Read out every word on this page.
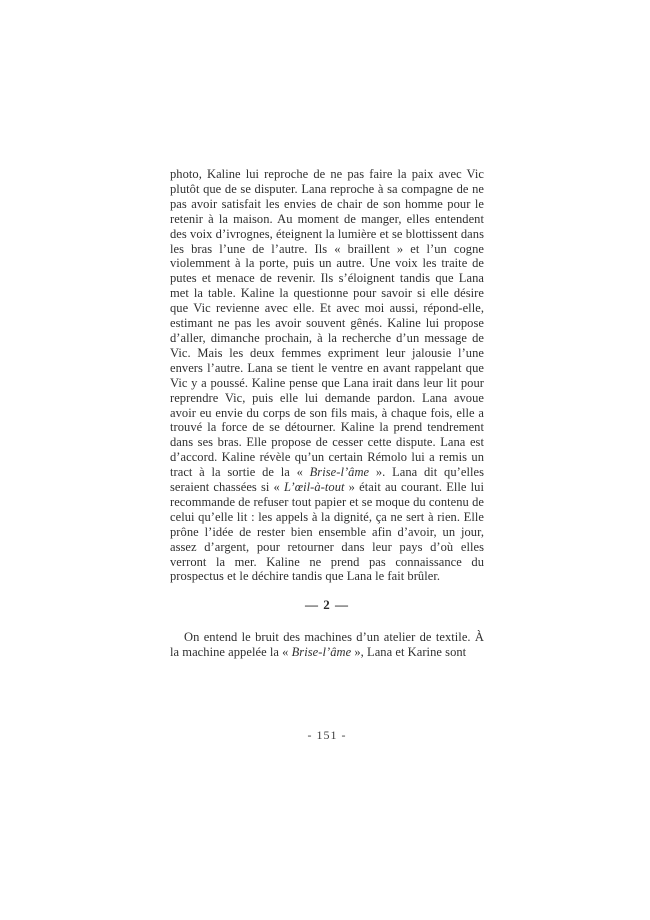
photo, Kaline lui reproche de ne pas faire la paix avec Vic plutôt que de se disputer. Lana reproche à sa compagne de ne pas avoir satisfait les envies de chair de son homme pour le retenir à la maison. Au moment de manger, elles entendent des voix d’ivrognes, éteignent la lumière et se blottissent dans les bras l’une de l’autre. Ils « braillent » et l’un cogne violemment à la porte, puis un autre. Une voix les traite de putes et menace de revenir. Ils s’éloignent tandis que Lana met la table. Kaline la questionne pour savoir si elle désire que Vic revienne avec elle. Et avec moi aussi, répond-elle, estimant ne pas les avoir souvent gênés. Kaline lui propose d’aller, dimanche prochain, à la recherche d’un message de Vic. Mais les deux femmes expriment leur jalousie l’une envers l’autre. Lana se tient le ventre en avant rappelant que Vic y a poussé. Kaline pense que Lana irait dans leur lit pour reprendre Vic, puis elle lui demande pardon. Lana avoue avoir eu envie du corps de son fils mais, à chaque fois, elle a trouvé la force de se détourner. Kaline la prend tendrement dans ses bras. Elle propose de cesser cette dispute. Lana est d’accord. Kaline révèle qu’un certain Rémolo lui a remis un tract à la sortie de la « Brise-l’âme ». Lana dit qu’elles seraient chassées si « L’œil-à-tout » était au courant. Elle lui recommande de refuser tout papier et se moque du contenu de celui qu’elle lit : les appels à la dignité, ça ne sert à rien. Elle prône l’idée de rester bien ensemble afin d’avoir, un jour, assez d’argent, pour retourner dans leur pays d’où elles verront la mer. Kaline ne prend pas connaissance du prospectus et le déchire tandis que Lana le fait brûler.

— 2 —

On entend le bruit des machines d’un atelier de textile. À la machine appelée la « Brise-l’âme », Lana et Karine sont

- 151 -
